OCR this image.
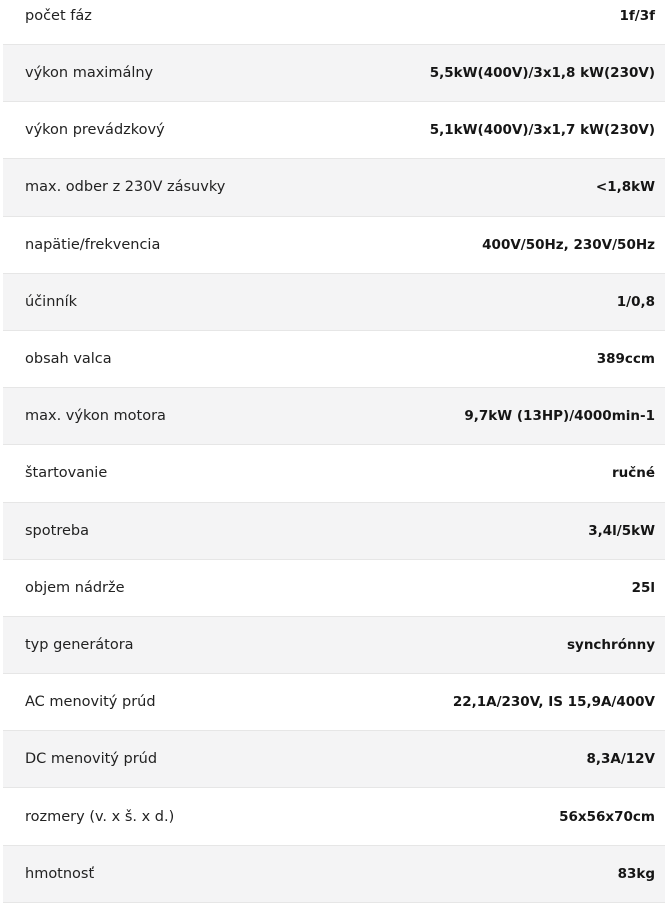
počet fáz	1f/3f
výkon maximálny	5,5kW(400V)/3x1,8 kW(230V)
výkon prevádzkový	5,1kW(400V)/3x1,7 kW(230V)
max. odber z 230V zásuvky	<1,8kW
napätie/frekvencia	400V/50Hz, 230V/50Hz
účinník	1/0,8
obsah valca	389ccm
max. výkon motora	9,7kW (13HP)/4000min-1
štartovanie	ručné
spotreba	3,4l/5kW
objem nádrže	25l
typ generátora	synchrónny
AC menovitý prúd	22,1A/230V, IS 15,9A/400V
DC menovitý prúd	8,3A/12V
rozmery (v. x š. x d.)	56x56x70cm
hmotnosť	83kg
